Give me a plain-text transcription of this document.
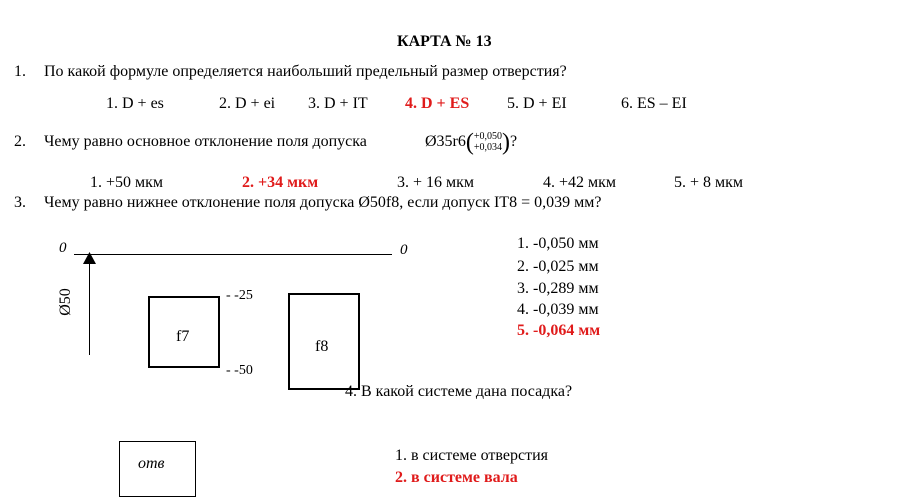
КАРТА № 13
1. По какой формуле определяется наибольший предельный размер отверстия?
1. D + es	2. D + ei 3. D + IT 4. D + ES 5. D + EI	6. ES – EI
2. Чему равно основное отклонение поля допуска	Ø35r6( +0,050
+0,034 )?
1. +50 мкм	2. +34 мкм	3. + 16 мкм	4. +42 мкм	5. + 8 мкм
3. Чему равно нижнее отклонение поля допуска Ø50f8, если допуск IT8 = 0,039 мм?
0	0
Ø50
f7
- -25
- -50
f8
1. -0,050 мм
2. -0,025 мм
3. -0,289 мм
4. -0,039 мм
5. -0,064 мм
4. В какой системе дана посадка?
отв	1. в системе отверстия
2. в системе вала
